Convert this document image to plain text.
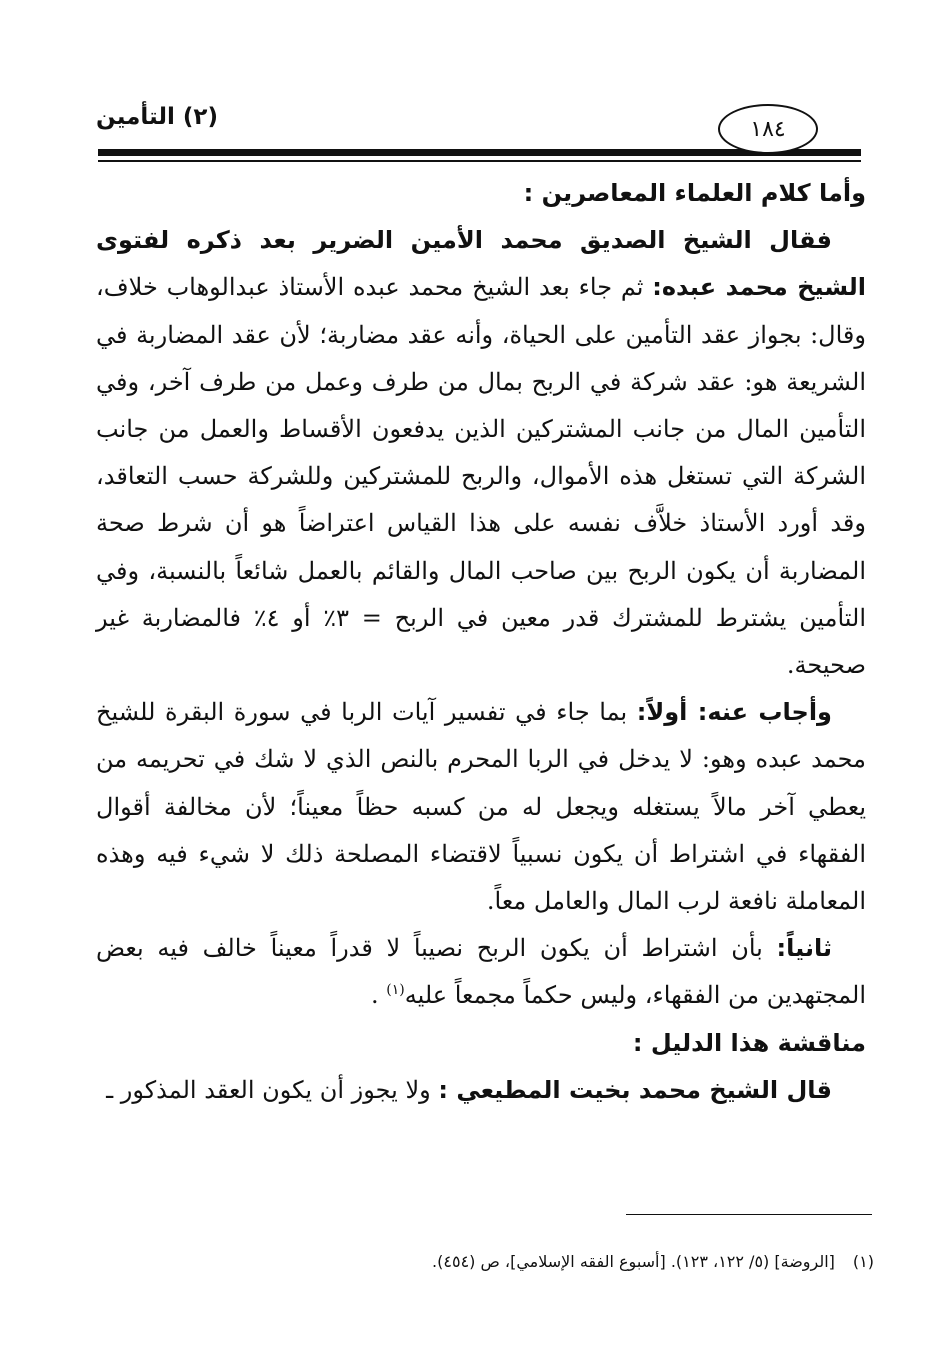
(٢) التأمين	١٨٤

وأما كلام العلماء المعاصرين :

فقال الشيخ الصديق محمد الأمين الضرير بعد ذكره لفتوى الشيخ محمد عبده: ثم جاء بعد الشيخ محمد عبده الأستاذ عبدالوهاب خلاف، وقال: بجواز عقد التأمين على الحياة، وأنه عقد مضاربة؛ لأن عقد المضاربة في الشريعة هو: عقد شركة في الربح بمال من طرف وعمل من طرف آخر، وفي التأمين المال من جانب المشتركين الذين يدفعون الأقساط والعمل من جانب الشركة التي تستغل هذه الأموال، والربح للمشتركين وللشركة حسب التعاقد، وقد أورد الأستاذ خلاَّف نفسه على هذا القياس اعتراضاً هو أن شرط صحة المضاربة أن يكون الربح بين صاحب المال والقائم بالعمل شائعاً بالنسبة، وفي التأمين يشترط للمشترك قدر معين في الربح = ٣٪ أو ٤٪ فالمضاربة غير صحيحة.

وأجاب عنه: أولاً: بما جاء في تفسير آيات الربا في سورة البقرة للشيخ محمد عبده وهو: لا يدخل في الربا المحرم بالنص الذي لا شك في تحريمه من يعطي آخر مالاً يستغله ويجعل له من كسبه حظاً معيناً؛ لأن مخالفة أقوال الفقهاء في اشتراط أن يكون نسبياً لاقتضاء المصلحة ذلك لا شيء فيه وهذه المعاملة نافعة لرب المال والعامل معاً.

ثانياً: بأن اشتراط أن يكون الربح نصيباً لا قدراً معيناً خالف فيه بعض المجتهدين من الفقهاء، وليس حكماً مجمعاً عليه$^{(١)}$ .

مناقشة هذا الدليل :

قال الشيخ محمد بخيت المطيعي : ولا يجوز أن يكون العقد المذكور ـ

(١)[الروضة] (٥/ ١٢٢، ١٢٣). [أسبوع الفقه الإسلامي]، ص (٤٥٤).
